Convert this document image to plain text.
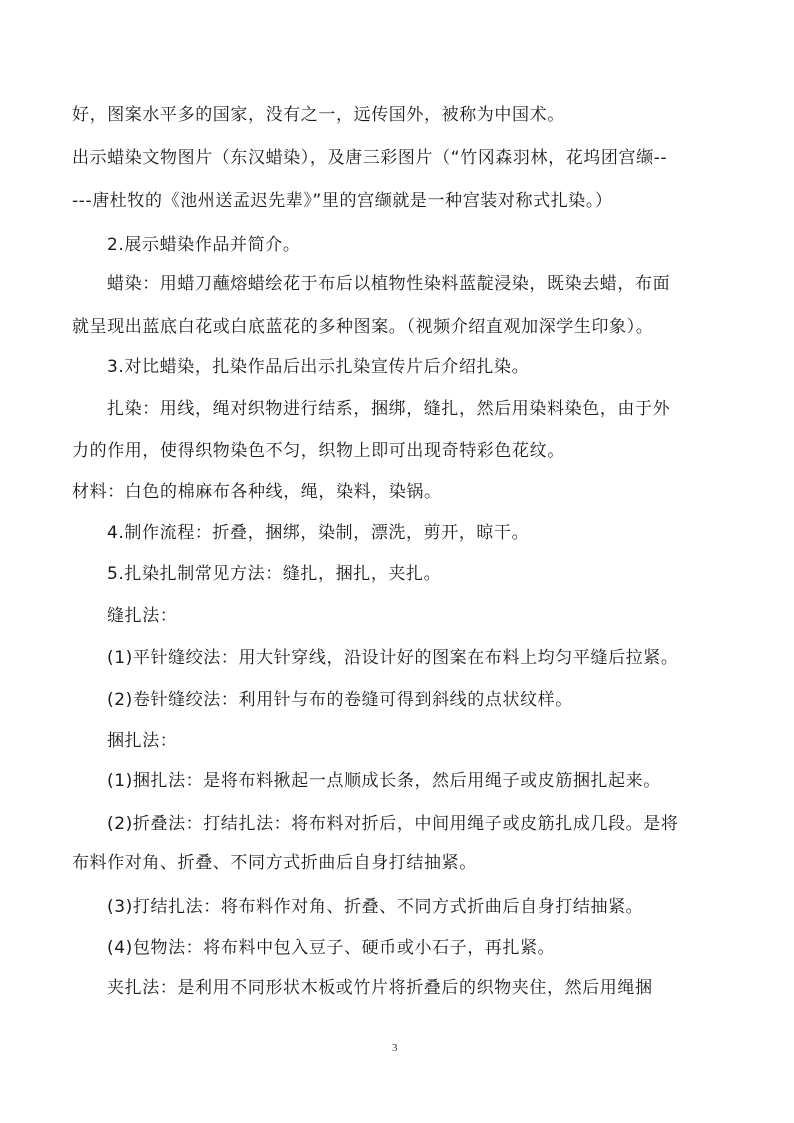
好，图案水平多的国家，没有之一，远传国外，被称为中国术。
出示蜡染文物图片（东汉蜡染），及唐三彩图片（“竹冈森羽林，花坞团宫缬--
---唐杜牧的《池州送孟迟先辈》”里的宫缬就是一种宫装对称式扎染。）
2.展示蜡染作品并简介。
蜡染：用蜡刀蘸熔蜡绘花于布后以植物性染料蓝靛浸染，既染去蜡，布面
就呈现出蓝底白花或白底蓝花的多种图案。（视频介绍直观加深学生印象）。
3.对比蜡染，扎染作品后出示扎染宣传片后介绍扎染。
扎染：用线，绳对织物进行结系，捆绑，缝扎，然后用染料染色，由于外
力的作用，使得织物染色不匀，织物上即可出现奇特彩色花纹。
材料：白色的棉麻布各种线，绳，染料，染锅。
4.制作流程：折叠，捆绑，染制，漂洗，剪开，晾干。
5.扎染扎制常见方法：缝扎，捆扎，夹扎。
缝扎法：
(1)平针缝绞法：用大针穿线，沿设计好的图案在布料上均匀平缝后拉紧。
(2)卷针缝绞法：利用针与布的卷缝可得到斜线的点状纹样。
捆扎法：
(1)捆扎法：是将布料揪起一点顺成长条，然后用绳子或皮筋捆扎起来。
(2)折叠法：打结扎法：将布料对折后，中间用绳子或皮筋扎成几段。是将
布料作对角、折叠、不同方式折曲后自身打结抽紧。
(3)打结扎法：将布料作对角、折叠、不同方式折曲后自身打结抽紧。
(4)包物法：将布料中包入豆子、硬币或小石子，再扎紧。
夹扎法：是利用不同形状木板或竹片将折叠后的织物夹住，然后用绳捆
3
